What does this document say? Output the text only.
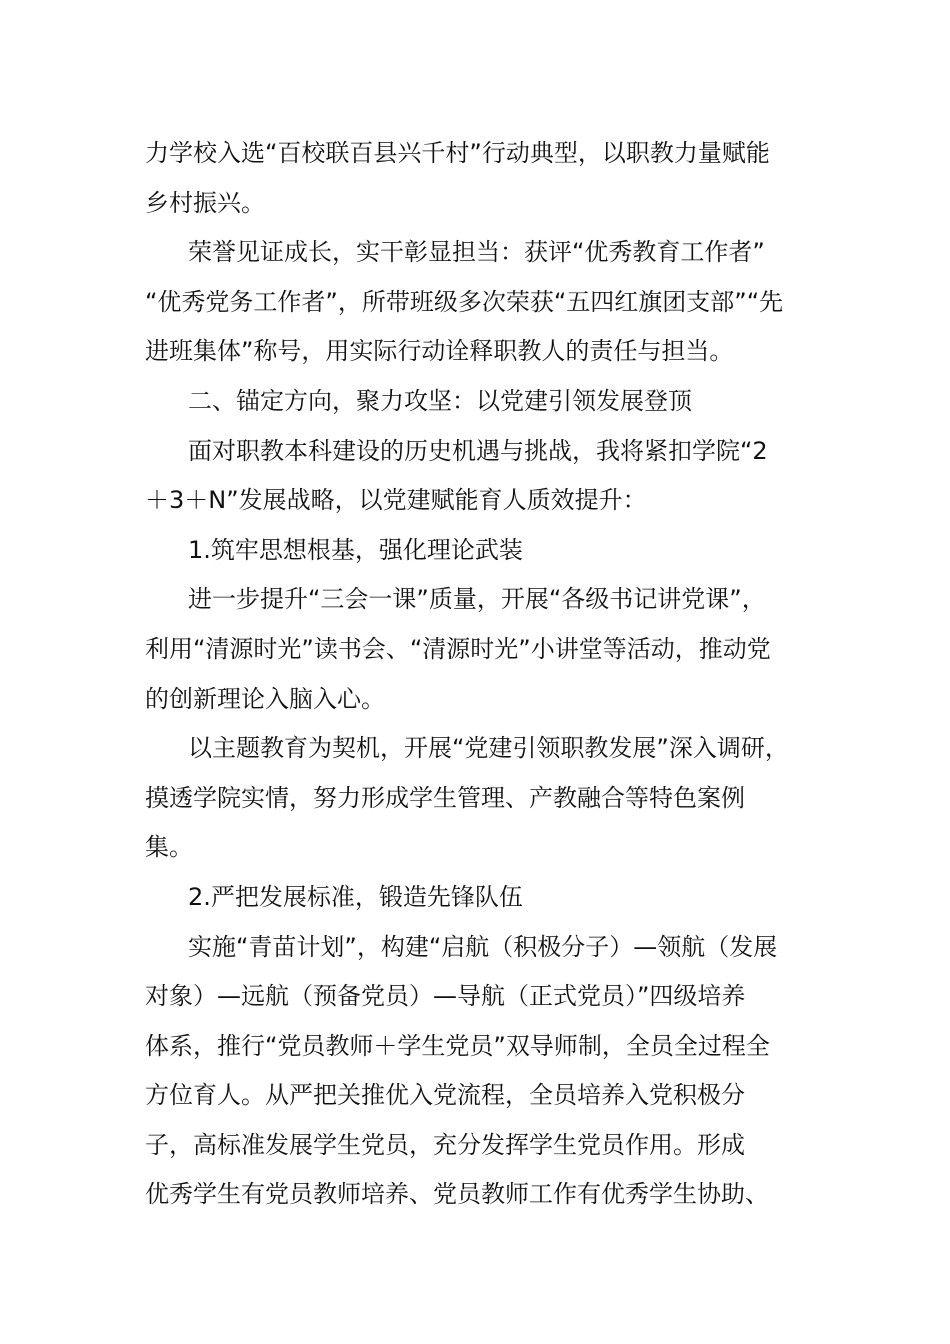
力学校入选“百校联百县兴千村”行动典型，以职教力量赋能
乡村振兴。
荣誉见证成长，实干彰显担当：获评“优秀教育工作者”
“优秀党务工作者”，所带班级多次荣获“五四红旗团支部”“先
进班集体”称号，用实际行动诠释职教人的责任与担当。
二、锚定方向，聚力攻坚：以党建引领发展登顶
面对职教本科建设的历史机遇与挑战，我将紧扣学院“2
＋3＋N”发展战略，以党建赋能育人质效提升：
1.筑牢思想根基，强化理论武装
进一步提升“三会一课”质量，开展“各级书记讲党课”，
利用“清源时光”读书会、“清源时光”小讲堂等活动，推动党
的创新理论入脑入心。
以主题教育为契机，开展“党建引领职教发展”深入调研，
摸透学院实情，努力形成学生管理、产教融合等特色案例
集。
2.严把发展标准，锻造先锋队伍
实施“青苗计划”，构建“启航（积极分子）—领航（发展
对象）—远航（预备党员）—导航（正式党员）”四级培养
体系，推行“党员教师＋学生党员”双导师制，全员全过程全
方位育人。从严把关推优入党流程，全员培养入党积极分
子，高标准发展学生党员，充分发挥学生党员作用。形成
优秀学生有党员教师培养、党员教师工作有优秀学生协助、
